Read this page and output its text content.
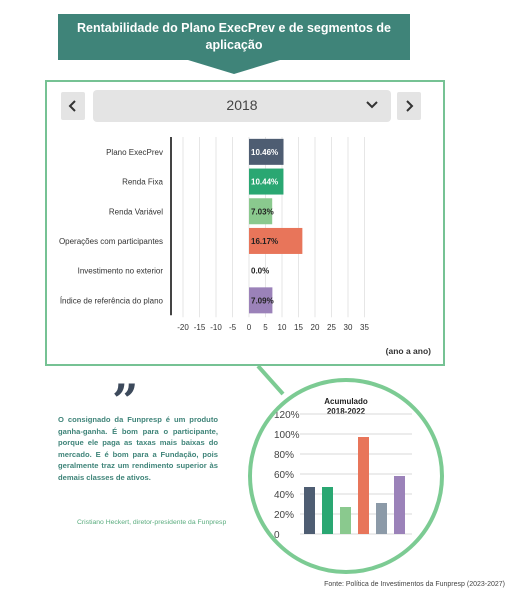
Rentabilidade do Plano ExecPrev e de segmentos de
aplicação
2018
-20 -15 -10 -5 0 5 10 15 20 25 30 35
Plano ExecPrev	10.46%
Renda Fixa	10.44%
Renda Variável	7.03%
Operações com participantes	16.17%
Investimento no exterior	0.0%
Índice de referência do plano	7.09%
(ano a ano)
”
O consignado da Funpresp é um produto ganha-ganha. É bom para o participante, porque ele paga as taxas mais baixas do mercado. E é bom para a Fundação, pois geralmente traz um rendimento superior às demais classes de ativos.
Cristiano Heckert, diretor-presidente da Funpresp
Acumulado
2018-2022
120%
100%
80%
60%
40%
20%
0
Fonte: Política de Investimentos da Funpresp (2023-2027)
